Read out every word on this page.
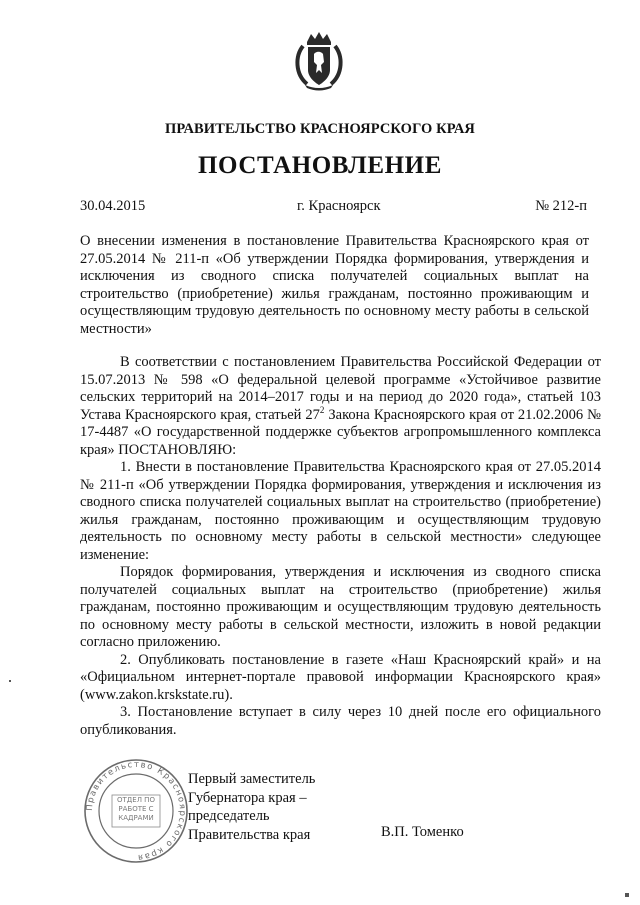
ПРАВИТЕЛЬСТВО КРАСНОЯРСКОГО КРАЯ
ПОСТАНОВЛЕНИЕ
30.04.2015	г. Красноярск	№ 212-п
О внесении изменения в постановление Правительства Красноярского края от 27.05.2014 № 211-п «Об утверждении Порядка формирования, утверждения и исключения из сводного списка получателей социальных выплат на строительство (приобретение) жилья гражданам, постоянно проживающим и осуществляющим трудовую деятельность по основному месту работы в сельской местности»

В соответствии с постановлением Правительства Российской Федерации от 15.07.2013 № 598 «О федеральной целевой программе «Устойчивое развитие сельских территорий на 2014–2017 годы и на период до 2020 года», статьей 103 Устава Красноярского края, статьей $27^2$ Закона Красноярского края от 21.02.2006 № 17-4487 «О государственной поддержке субъектов агропромышленного комплекса края» ПОСТАНОВЛЯЮ:

1. Внести в постановление Правительства Красноярского края от 27.05.2014 № 211-п «Об утверждении Порядка формирования, утверждения и исключения из сводного списка получателей социальных выплат на строительство (приобретение) жилья гражданам, постоянно проживающим и осуществляющим трудовую деятельность по основному месту работы в сельской местности» следующее изменение:

Порядок формирования, утверждения и исключения из сводного списка получателей социальных выплат на строительство (приобретение) жилья гражданам, постоянно проживающим и осуществляющим трудовую деятельность по основному месту работы в сельской местности, изложить в новой редакции согласно приложению.

2. Опубликовать постановление в газете «Наш Красноярский край» и на «Официальном интернет-портале правовой информации Красноярского края» (www.zakon.krskstate.ru).

3. Постановление вступает в силу через 10 дней после его официального опубликования.

Правительство Красноярского края
ОТДЕЛ ПО РАБОТЕ С КАДРАМИ
Первый заместитель
Губернатора края –
председатель
Правительства края	В.П. Томенко
